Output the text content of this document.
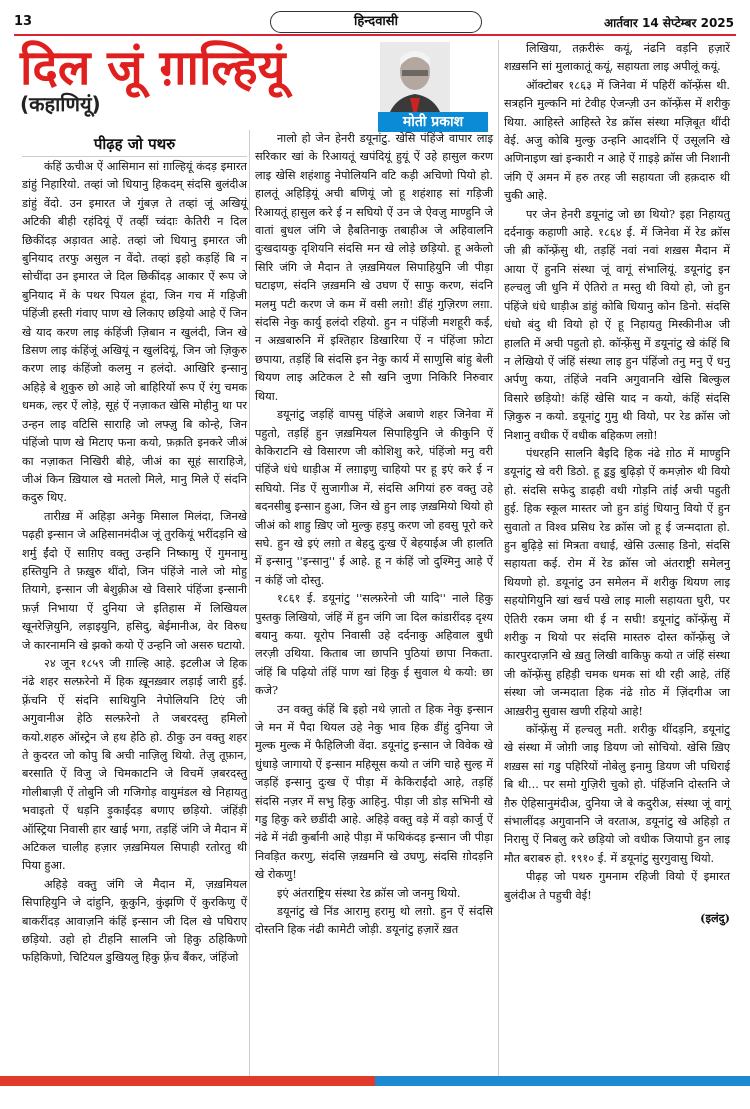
13	हिन्दवासी	आर्तवार 14 सेप्टेम्बर 2025
दिल जूं ग़ाल्हियूं
(कहाणियूं)
मोती प्रकाश
पीढ़ह जो पथरु

कंहिं ऊचीअ ऐं आसिमान सां ग़ाल्हियूं कंदड़ इमारत डांहुं निहारियो. तव्हां जो धियानु हिकदम् संदसि बुलंदीअ डांहुं वेंदो. उन इमारत जे गुंबज़ ते तव्हां जूं अखियूं अटिकी बीही रहंदियूं ऐं तव्हीं च्वंदाः केतिरी न दिल छिकींदड़ अड़ावत आहे. तव्हां जो धियानु इमारत जी बुनियाद तरफु असुल न वेंदो. तव्हां इहो कड़हिं बि न सोचींदा उन इमारत जे दिल छिकींदड़ आकार ऐं रूप जे बुनियाद में के पथर पियल हूंदा, जिन गच में गड़िजी पंहिंजी हस्ती गंवाए पाण खे लिकाए छड़ियो आहे ऐं जिन खे याद करण लाइ कंहिंजी ज़िबान न खुलंदी, जिन खे डिसण लाइ कंहिंजूं अखियूं न खुलंदियूं, जिन जो ज़िकुरु करण लाइ कंहिंजो कलमु न हलंदो. आखिरि इन्सानु अहिड़े बे शुकुरु छो आहे जो बाहिरियों रूप ऐं रंगु चमक धमक, ल्हर ऐं लोड़े, सूहं ऐं नज़ाकत खेसि मोहीनु था पर उन्हन लाइ वटिसि साराहि जो लफ्ज़ु बि कोन्हे, जिन पंहिंजो पाण खे मिटाए फना कयो, फ़क़ति इनकरे जीअं का नज़ाकत निखिरी बीहे, जीअं का सूहं साराहिजे, जीअं किन ख़ियाल खे मतलो मिले, मानु मिले ऐं संदनि कदुरु थिए.

तारीख़ में अहिड़ा अनेकु मिसाल मिलंदा, जिनखे पढ़ही इन्सान जे अहिसानमंदीअ जूं तुरकियूं भरींदड़नि खे शर्मु ईंदो ऐं साग़िए वक्तु उन्हनि निष्कामु ऐं गुमनामु हस्तियुनि ते फ़ख़ुरु थींदो, जिन पंहिंजे नाले जो मोहु तियागे, इन्सान जी बेशुक़्रीअ खे विसारे पंहिंजा इन्सानी फ़र्ज़ निभाया ऐं दुनिया जे इतिहास में लिखियल खूनरेज़ियुनि, लड़ाइयुनि, हसिदु, बेईमानीअ, वेर विरुध जे कारनामनि खे झको कयो ऐं उन्हनि जो असरु घटायो.

२४ जून १८५९ जी ग़ाल्हि आहे. इटलीअ जे हिक नंढे शहर सल्फ़रेनो में हिक ख़ूनख़्वार लड़ाई जारी हुई. फ़्रेंचनि ऐं संदनि साथियुनि नेपोलियनि टिएं जी अगुवानीअ हेठि सल्फ़रेनो ते जबरदस्तु हमिलो कयो.शहरु ऑस्ट्रेन जे हथ हेठि हो. ठीकु उन वक्तु शहर ते कुदरत जो कोपु बि अची नाज़िलु थियो. तेज़ु तूफ़ान, बरसाति ऐं विजु जे चिमकाटनि जे विचमें ज़बरदस्तु गोलीबाज़ी ऐं तोबुनि जी गजिगोड़ वायुमंडल खे निहायतु भवाइतो ऐं धड़नि ड़ुकाईंदड़ बणाए छड़ियो. जंहिंड़ी ऑस्ट्रिया निवासी हार खाई भगा, तड़हिं जंगि जे मैदान में अटिकल चालीह हज़ार ज़ख़मियल सिपाही रतोरतु थी पिया हुआ.

अहिड़े वक्तु जंगि जे मैदान में, ज़ख़मियल सिपाहियुनि जे दांहुनि, कूकुनि, कुंझणि ऐं कुरकिणु ऐं बाकरींदड़ आवाज़नि कंहिं इन्सान जी दिल खे पघिराए छड़ियो. उहो हो टीहनि सालनि जो हिकु ठहिकिणो फहिकिणो, चिटियल डुखियलु हिकु फ़्रेंच बैंकर, जंहिंजो

नालो हो जेन हेनरी डयूनांटु. खेसि पंहिंजे वापार लाइ सरिकार खां के रिआयतूं खपंदियूं हुयूं ऐं उहे हासुल करण लाइ खेसि शहंशाहु नेपोलियनि वटि कड़ी अचिणो पियो हो. हालतूं अहिड़ियूं अची बणियूं जो हू शहंशाह सां गड़िजी रिआयतूं हासुल करे ई न सघियो ऐं उन जे ऐवज़ु माण्हुनि जे वातां बुधल जंगि जे हैबतिनाकु तबाहीअ जे अहिवालनि दुःखदायकु दृशियनि संदसि मन खे लोड़े छड़ियो. हू अकेलो सिरि जंगि जे मैदान ते ज़ख़मियल सिपाहियुनि जी पीड़ा घटाइण, संदनि ज़ख़मनि खे उघण ऐं साफु करण, संदनि मलमु पटी करण जे कम में वसी लग़ो! डींहं गुज़िरण लग़ा. संदसि नेकु कार्यु हलंदो रहियो. हुन न पंहिंजी मशहूरी कई, न अख़बारुनि में इश्तिहार डिखारिया ऐं न पंहिंजा फ़ोटा छपाया, तड़हिं बि संदसि इन नेकु कार्य में साणुसि बांहु बेली थियण लाइ अटिकल टे सौ खनि जुणा निकिरि निरुवार थिया.

डयूनांटु जड़हिं वापसु पंहिंजे अबाणे शहर जिनेवा में पहुतो, तड़हिं हुन ज़ख़मियल सिपाहियुनि जे कीकुनि ऐं केकिराटनि खे विसारण जी कोशिशु करे, पंहिंजो मनु वरी पंहिंजे धंधे धाड़ीअ में लग़ाइणु चाहियो पर हू इएं करे ई न सघियो. निंड ऐं सुजागीअ में, संदसि अगियां हरु वक्तु उहे बदनसीबु इन्सान हुआ, जिन खे हुन लाइ ज़ख़मियो थियो हो जीअं को शाहु ख़िए जो मुल्कु हड़पु करण जो हवसु पूरो करे सघे. हुन खे इएं लग़ो त बेहदु दुःख ऐं बेहयाईअ जी हालति में इन्सानु ''इन्सानु'' ई आहे. हू न कंहिं जो दुश्मिनु आहे ऐं न कंहिं जो दोस्तु.

१८६१ ई. डयूनांटु ''सल्फ़रेनो जी यादि'' नाले हिकु पुस्तकु लिखियो, जंहिं में हुन जंगि जा दिल कांडारींदड़ दृश्य बयानु कया. यूरोप निवासी उहे दर्दनाकु अहिवाल बुधी लरज़ी उथिया. किताब जा छापनि पुठियां छापा निकता. जंहिं बि पढ़ियो तंहिं पाण खां हिकु ई सुवाल थे कयो: छा कजे?

उन वक्तु कंहिं बि इहो नथे ज़ातो त हिक नेकु इन्सान जे मन में पैदा थियल उहे नेकु भाव हिक डींहुं दुनिया जे मुल्क मुल्क में फैहिलिजी वेंदा. डयूनांटु इन्सान जे विवेक खे धुंधाड़े जागायो ऐं इन्सान महिसूस कयो त जंगि चाहे सुल्ह में जड़हिं इन्सानु दुःख ऐं पीड़ा में केकिराईंदो आहे, तड़हिं संदसि नज़र में सभु हिकु आहिनु. पीड़ा जी डोड़ सभिनी खे गडु हिकु करे छडींदी आहे. अहिड़े वक्तु वड़े में वड़ो कार्जु ऐं नंढे में नंढी कुर्बानी आहे पीड़ा में फथिकंदड़ इन्सान जी पीड़ा निवड़ित करणु, संदसि ज़ख़मनि खे उघणु, संदसि ग़ोदड़नि खे रोकणु!

इएं अंतराष्ट्रिय संस्था रेड क्रॉस जो जनमु थियो.

डयूनांटु खे निंड आरामु हरामु थो लग़ो. हुन ऐं संदसि दोस्तनि हिक नंढी कामेटी जोड़ी. डयूनांटु हज़ारें ख़त

लिखिया, तक़रीरूं कयूं, नंढनि वड़नि हज़ारें शख़सनि सां मुलाकातूं कयूं, सहायता लाइ अपीलूं कयूं.

ऑक्टोबर १८६३ में जिनेवा में पहिरीं कॉन्फ़्रेंस थी. सत्रहनि मुल्कनि मां टेवीह ऐजन्ज़ी उन कॉन्फ़्रेंस में शरीकु थिया. आहिस्ते आहिस्ते रेड क्रॉस संस्था मज़िबूत थींदी वेई. अजु कोबि मुल्कु उन्हनि आदर्शनि ऐं उसूलनि खे अणिनाइण खां इन्कारी न आहे ऐं ग़ाइड़े क्रॉस जी निशानी जंगि ऐं अमन में हरु तरह जी सहायता जी हक़दारु थी चुकी आहे.

पर जेन हेनरी डयूनांटु जो छा थियो? इहा निहायतु दर्दनाकु कहाणी आहे. १८६४ ई. में जिनेवा में रेड क्रॉस जी ब़ी कॉन्फ़्रेंसु थी, तड़हिं नवां नवां शख़स मैदान में आया ऐं हुननि संस्था जूं वागूं संभालियूं. डयूनांटु इन हल्चलु जी धुनि में ऐतिरो त मस्तु थी वियो हो, जो हुन पंहिंजे धंधे धाड़ीअ डांहुं कोबि धियानु कोन डिनो. संदसि धंधो बंदु थी वियो हो ऐं हू निहायतु मिस्कीनीअ जी हालति में अची पहुतो हो. कॉन्फ़्रेंसु में डयूनांटु खे कंहिं बि न लेखियो ऐं जंहिं संस्था लाइ हुन पंहिंजो तनु मनु ऐं धनु अर्पणु कया, तंहिंजे नवनि अगुवाननि खेसि बिल्कुल विसारे छड़ियो! कंहिं खेसि याद न कयो, कंहिं संदसि ज़िकुरु न कयो. डयूनांटु गुमु थी वियो, पर रेड क्रॉस जो निशानु वधीक ऐं वधीक बहिकण लग़ो!

पंधरहनि सालनि बैइदि हिक नंढे ग़ोठ में माण्हुनि डयूनांटु खे वरी डिठो. हू ड़्रडु बुढ़िड़ो ऐं कमज़ोरु थी वियो हो. संदसि सफेदु डाढ़ही वधी गोड़नि तांईं अची पहुती हुई. हिक स्कूल मास्तर जो हुन डांहुं धियानु वियो ऐं हुन सुवातो त विश्व प्रसिध रेड क्रॉस जो हू ई जन्मदाता हो. हुन बुढ़िड़े सां मित्रता वधाई, खेसि उत्साह डिनो, संदसि सहायता कई. रोम में रेड क्रॉस जो अंतराष्ट्री समेलनु थियणो हो. डयूनांटु उन समेलन में शरीकु थियण लाइ सहयोगियुनि खां खर्च पखे लाइ माली सहायता घुरी, पर ऐतिरी रकम जमा थी ई न सघी! डयूनांटु कॉन्फ़्रेंसु में शरीकु न थियो पर संदसि मास्तरु दोस्त कॉन्फ़्रेंसु जे कारपुरदाज़नि खे ख़तु लिखी वाकिफ़ु कयो त जंहिं संस्था जी कॉन्फ़्रेंसु हहिड़ी चमक धमक सां थी रही आहे, तंहिं संस्था जो जन्मदाता हिक नंढे ग़ोठ में ज़िंदगीअ जा आख़रीनु सुवास खणी रहियो आहे!

कॉन्फ़्रेंसु में हल्चलु मती. शरीकु थींदड़नि, डयूनांटु खे संस्था में जोग़ी जाइ डियण जो सोचियो. खेसि ख़िए शख़स सां गडु पहिरियों नोबेलु इनामु डियण जी पधिराई बि थी... पर समो गुज़िरी चुको हो. पंहिंजनि दोस्तनि जे ग़ैरु ऐहिसानुमंदीअ, दुनिया जे बे कदुरीअ, संस्था जूं वागूं संभालींदड़ अगुवाननि जे वरताअ, डयूनांटु खे अहिड़ो त निरासु ऐं निबलु करे छड़ियो जो वधीक जियापो हुन लाइ मौत बराबरु हो. १९१० ई. में डयूनांटु सुरगुवासु थियो.

पीढ़ह जो पथरु गुमनाम रहिजी वियो ऐं इमारत बुलंदीअ ते पहुची वेई!

(इलंदु)
